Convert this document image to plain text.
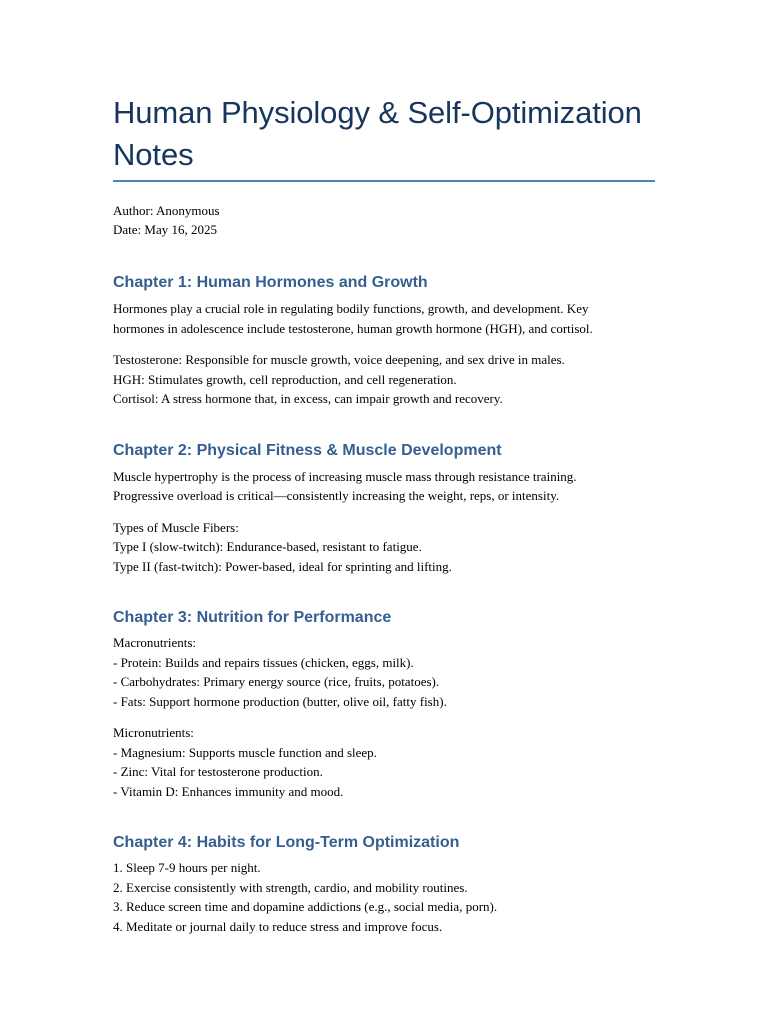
Human Physiology & Self-Optimization
Notes
Author: Anonymous
Date: May 16, 2025
Chapter 1: Human Hormones and Growth
Hormones play a crucial role in regulating bodily functions, growth, and development. Key
hormones in adolescence include testosterone, human growth hormone (HGH), and cortisol.
Testosterone: Responsible for muscle growth, voice deepening, and sex drive in males.
HGH: Stimulates growth, cell reproduction, and cell regeneration.
Cortisol: A stress hormone that, in excess, can impair growth and recovery.
Chapter 2: Physical Fitness & Muscle Development
Muscle hypertrophy is the process of increasing muscle mass through resistance training.
Progressive overload is critical—consistently increasing the weight, reps, or intensity.
Types of Muscle Fibers:
Type I (slow-twitch): Endurance-based, resistant to fatigue.
Type II (fast-twitch): Power-based, ideal for sprinting and lifting.
Chapter 3: Nutrition for Performance
Macronutrients:
- Protein: Builds and repairs tissues (chicken, eggs, milk).
- Carbohydrates: Primary energy source (rice, fruits, potatoes).
- Fats: Support hormone production (butter, olive oil, fatty fish).
Micronutrients:
- Magnesium: Supports muscle function and sleep.
- Zinc: Vital for testosterone production.
- Vitamin D: Enhances immunity and mood.
Chapter 4: Habits for Long-Term Optimization
1. Sleep 7-9 hours per night.
2. Exercise consistently with strength, cardio, and mobility routines.
3. Reduce screen time and dopamine addictions (e.g., social media, porn).
4. Meditate or journal daily to reduce stress and improve focus.
